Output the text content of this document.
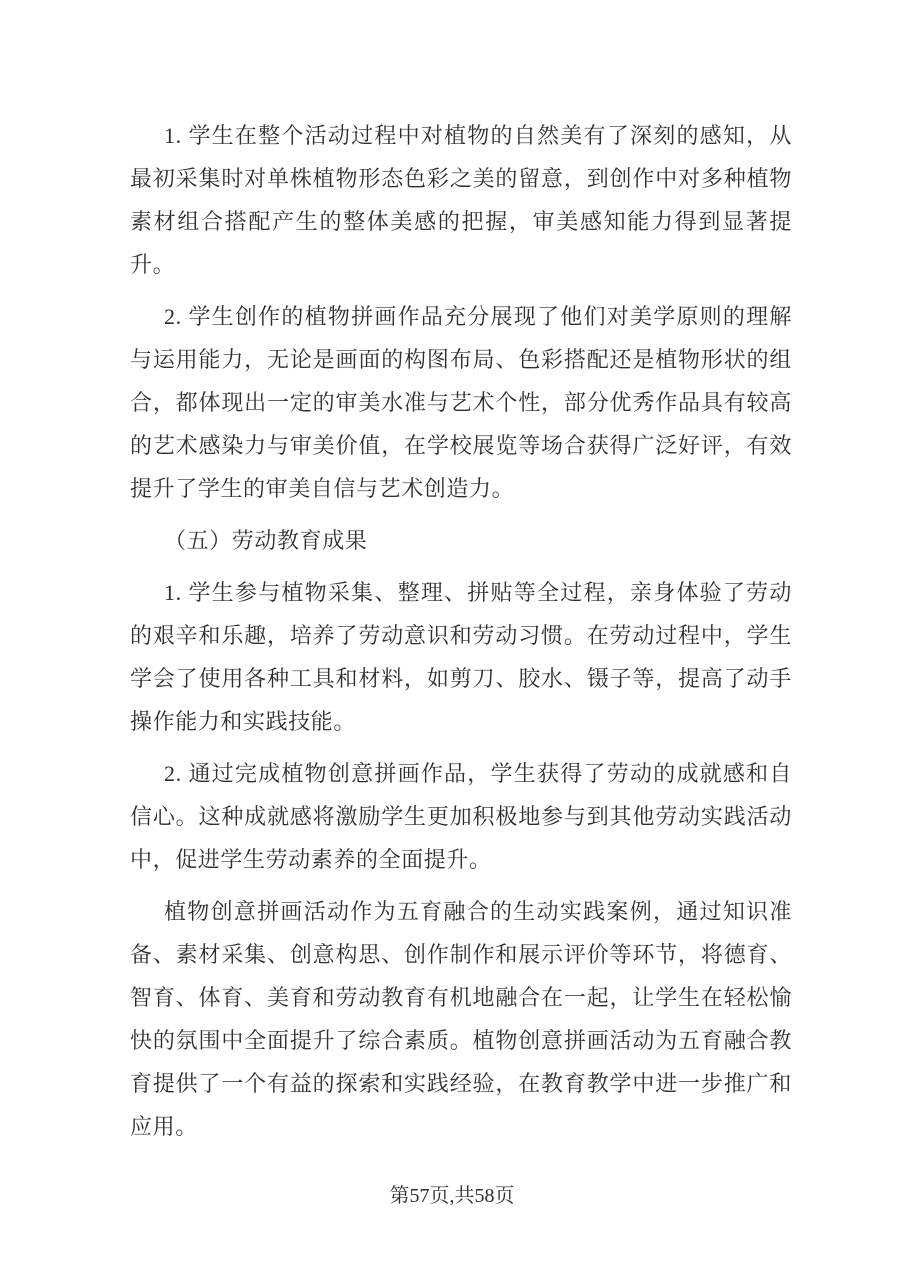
1. 学生在整个活动过程中对植物的自然美有了深刻的感知，从最初采集时对单株植物形态色彩之美的留意，到创作中对多种植物素材组合搭配产生的整体美感的把握，审美感知能力得到显著提升。

2. 学生创作的植物拼画作品充分展现了他们对美学原则的理解与运用能力，无论是画面的构图布局、色彩搭配还是植物形状的组合，都体现出一定的审美水准与艺术个性，部分优秀作品具有较高的艺术感染力与审美价值，在学校展览等场合获得广泛好评，有效提升了学生的审美自信与艺术创造力。

（五）劳动教育成果

1. 学生参与植物采集、整理、拼贴等全过程，亲身体验了劳动的艰辛和乐趣，培养了劳动意识和劳动习惯。在劳动过程中，学生学会了使用各种工具和材料，如剪刀、胶水、镊子等，提高了动手操作能力和实践技能。

2. 通过完成植物创意拼画作品，学生获得了劳动的成就感和自信心。这种成就感将激励学生更加积极地参与到其他劳动实践活动中，促进学生劳动素养的全面提升。

植物创意拼画活动作为五育融合的生动实践案例，通过知识准备、素材采集、创意构思、创作制作和展示评价等环节，将德育、智育、体育、美育和劳动教育有机地融合在一起，让学生在轻松愉快的氛围中全面提升了综合素质。植物创意拼画活动为五育融合教育提供了一个有益的探索和实践经验，在教育教学中进一步推广和应用。

第57页,共58页
